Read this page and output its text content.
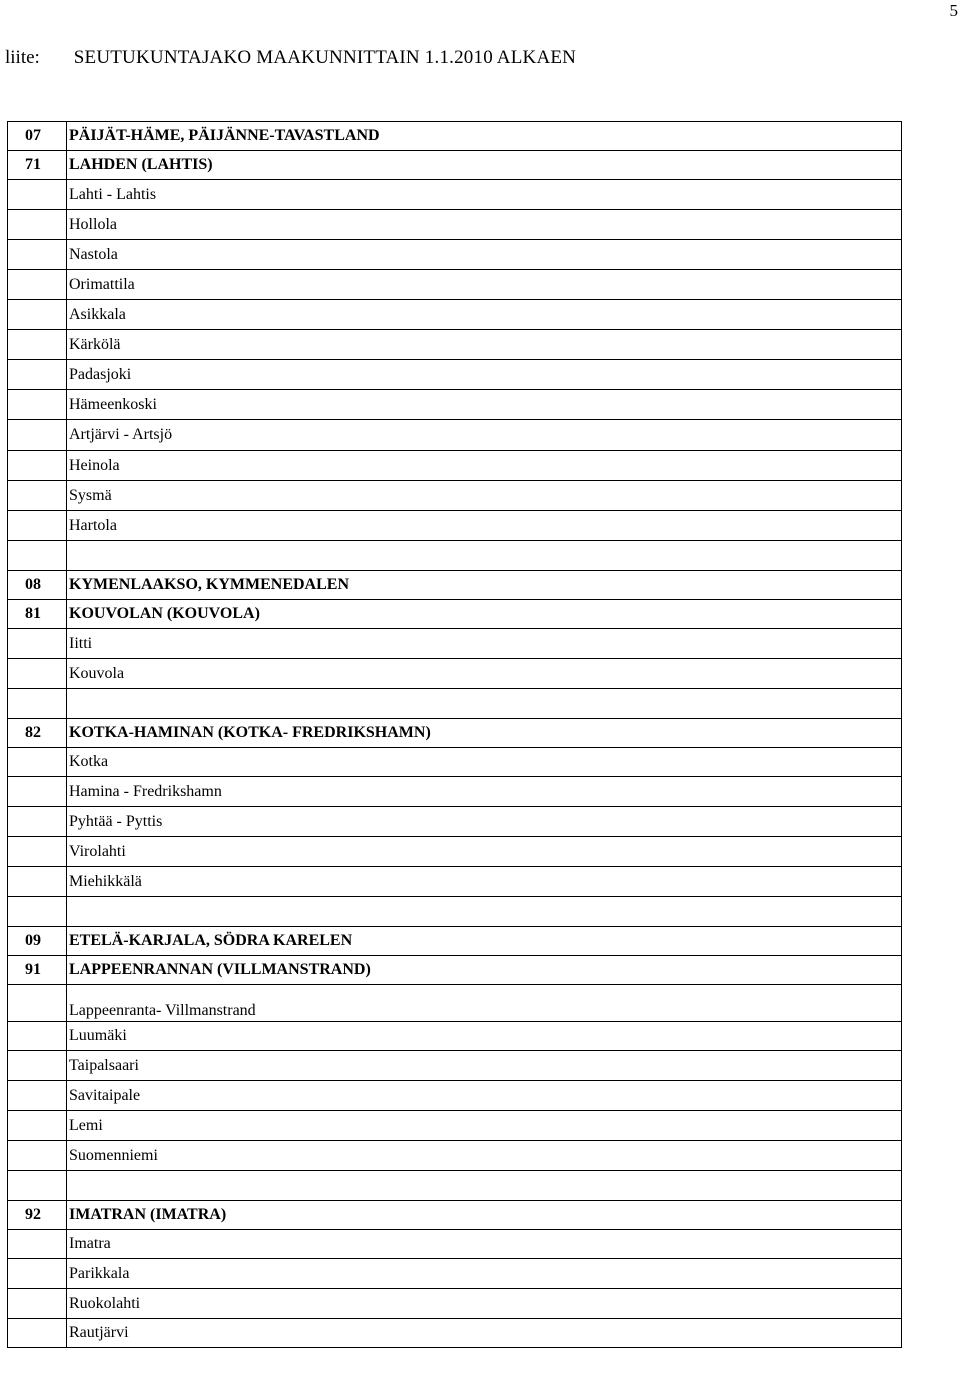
5
liite: SEUTUKUNTAJAKO MAAKUNNITTAIN 1.1.2010 ALKAEN
07	PÄIJÄT-HÄME, PÄIJÄNNE-TAVASTLAND
71	LAHDEN (LAHTIS)
	Lahti - Lahtis
	Hollola
	Nastola
	Orimattila
	Asikkala
	Kärkölä
	Padasjoki
	Hämeenkoski
	Artjärvi - Artsjö
	Heinola
	Sysmä
	Hartola

08	KYMENLAAKSO, KYMMENEDALEN
81	KOUVOLAN (KOUVOLA)
	Iitti
	Kouvola

82	KOTKA-HAMINAN (KOTKA- FREDRIKSHAMN)
	Kotka
	Hamina - Fredrikshamn
	Pyhtää - Pyttis
	Virolahti
	Miehikkälä

09	ETELÄ-KARJALA, SÖDRA KARELEN
91	LAPPEENRANNAN (VILLMANSTRAND)
	Lappeenranta- Villmanstrand
	Luumäki
	Taipalsaari
	Savitaipale
	Lemi
	Suomenniemi

92	IMATRAN (IMATRA)
	Imatra
	Parikkala
	Ruokolahti
	Rautjärvi
